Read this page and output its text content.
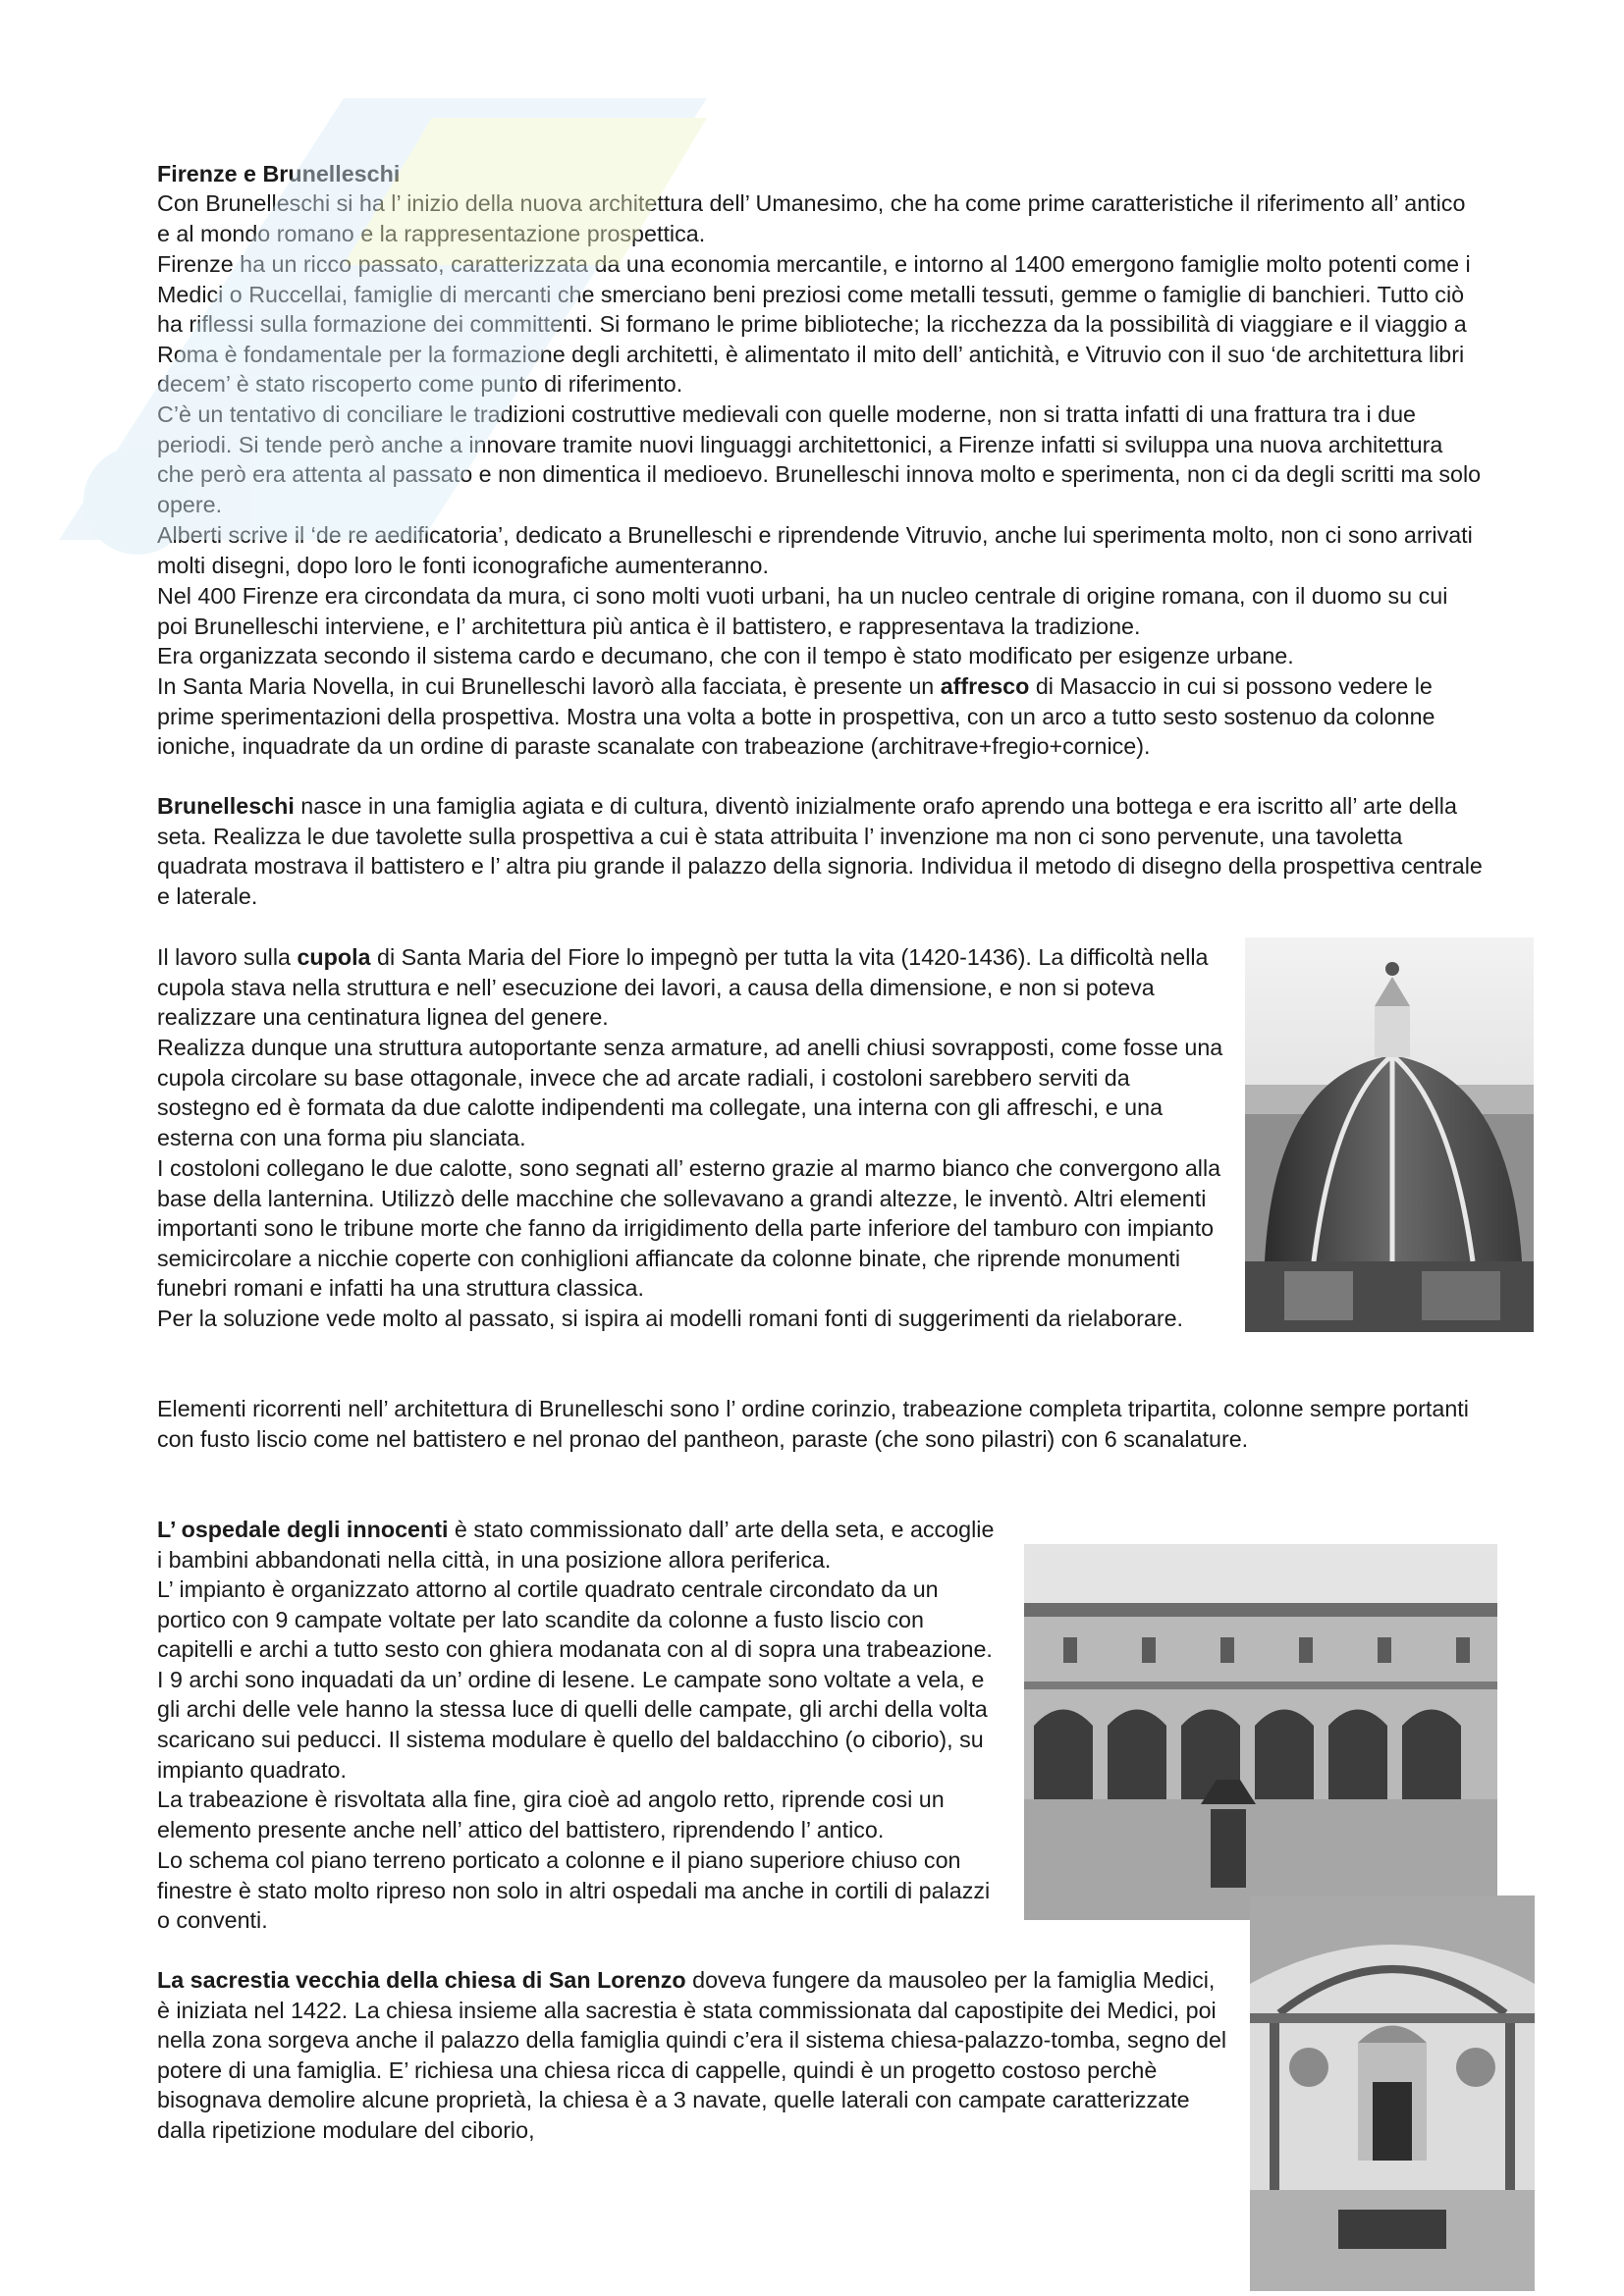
Firenze e Brunelleschi

Con Brunelleschi si ha l’ inizio della nuova architettura dell’ Umanesimo, che ha come prime caratteristiche il riferimento all’ antico e al mondo romano e la rappresentazione prospettica.

Firenze ha un ricco passato, caratterizzata da una economia mercantile, e intorno al 1400 emergono famiglie molto potenti come i Medici o Ruccellai, famiglie di mercanti che smerciano beni preziosi come metalli tessuti, gemme o famiglie di banchieri. Tutto ciò ha riflessi sulla formazione dei committenti. Si formano le prime biblioteche; la ricchezza da la possibilità di viaggiare e il viaggio a Roma è fondamentale per la formazione degli architetti, è alimentato il mito dell’ antichità, e Vitruvio con il suo ‘de architettura libri decem’ è stato riscoperto come punto di riferimento.

C’è un tentativo di conciliare le tradizioni costruttive medievali con quelle moderne, non si tratta infatti di una frattura tra i due periodi. Si tende però anche a innovare tramite nuovi linguaggi architettonici, a Firenze infatti si sviluppa una nuova architettura che però era attenta al passato e non dimentica il medioevo. Brunelleschi innova molto e sperimenta, non ci da degli scritti ma solo opere.

Alberti scrive il ‘de re aedificatoria’, dedicato a Brunelleschi e riprendende Vitruvio, anche lui sperimenta molto, non ci sono arrivati molti disegni, dopo loro le fonti iconografiche aumenteranno.

Nel 400 Firenze era circondata da mura, ci sono molti vuoti urbani, ha un nucleo centrale di origine romana, con il duomo su cui poi Brunelleschi interviene, e l’ architettura più antica è il battistero, e rappresentava la tradizione.

Era organizzata secondo il sistema cardo e decumano, che con il tempo è stato modificato per esigenze urbane.

In Santa Maria Novella, in cui Brunelleschi lavorò alla facciata, è presente un affresco di Masaccio in cui si possono vedere le prime sperimentazioni della prospettiva. Mostra una volta a botte in prospettiva, con un arco a tutto sesto sostenuo da colonne ioniche, inquadrate da un ordine di paraste scanalate con trabeazione (architrave+fregio+cornice).

Brunelleschi nasce in una famiglia agiata e di cultura, diventò inizialmente orafo aprendo una bottega e era iscritto all’ arte della seta. Realizza le due tavolette sulla prospettiva a cui è stata attribuita l’ invenzione ma non ci sono pervenute, una tavoletta quadrata mostrava il battistero e l’ altra piu grande il palazzo della signoria. Individua il metodo di disegno della prospettiva centrale e laterale.

Il lavoro sulla cupola di Santa Maria del Fiore lo impegnò per tutta la vita (1420-1436). La difficoltà nella cupola stava nella struttura e nell’ esecuzione dei lavori, a causa della dimensione, e non si poteva realizzare una centinatura lignea del genere.

Realizza dunque una struttura autoportante senza armature, ad anelli chiusi sovrapposti, come fosse una cupola circolare su base ottagonale, invece che ad arcate radiali, i costoloni sarebbero serviti da sostegno ed è formata da due calotte indipendenti ma collegate, una interna con gli affreschi, e una esterna con una forma piu slanciata.

I costoloni collegano le due calotte, sono segnati all’ esterno grazie al marmo bianco che convergono alla base della lanternina. Utilizzò delle macchine che sollevavano a grandi altezze, le inventò. Altri elementi importanti sono le tribune morte che fanno da irrigidimento della parte inferiore del tamburo con impianto semicircolare a nicchie coperte con conhiglioni affiancate da colonne binate, che riprende monumenti funebri romani e infatti ha una struttura classica.

Per la soluzione vede molto al passato, si ispira ai modelli romani fonti di suggerimenti da rielaborare.

Elementi ricorrenti nell’ architettura di Brunelleschi sono l’ ordine corinzio, trabeazione completa tripartita, colonne sempre portanti con fusto liscio come nel battistero e nel pronao del pantheon, paraste (che sono pilastri) con 6 scanalature.

L’ ospedale degli innocenti è stato commissionato dall’ arte della seta, e accoglie i bambini abbandonati nella città, in una posizione allora periferica.

L’ impianto è organizzato attorno al cortile quadrato centrale circondato da un portico con 9 campate voltate per lato scandite da colonne a fusto liscio con capitelli e archi a tutto sesto con ghiera modanata con al di sopra una trabeazione. I 9 archi sono inquadati da un’ ordine di lesene. Le campate sono voltate a vela, e gli archi delle vele hanno la stessa luce di quelli delle campate, gli archi della volta scaricano sui peducci. Il sistema modulare è quello del baldacchino (o ciborio), su impianto quadrato.

La trabeazione è risvoltata alla fine, gira cioè ad angolo retto, riprende cosi un elemento presente anche nell’ attico del battistero, riprendendo l’ antico.

Lo schema col piano terreno porticato a colonne e il piano superiore chiuso con finestre è stato molto ripreso non solo in altri ospedali ma anche in cortili di palazzi o conventi.

La sacrestia vecchia della chiesa di San Lorenzo doveva fungere da mausoleo per la famiglia Medici, è iniziata nel 1422. La chiesa insieme alla sacrestia è stata commissionata dal capostipite dei Medici, poi nella zona sorgeva anche il palazzo della famiglia quindi c’era il sistema chiesa-palazzo-tomba, segno del potere di una famiglia. E’ richiesa una chiesa ricca di cappelle, quindi è un progetto costoso perchè bisognava demolire alcune proprietà, la chiesa è a 3 navate, quelle laterali con campate caratterizzate dalla ripetizione modulare del ciborio,
